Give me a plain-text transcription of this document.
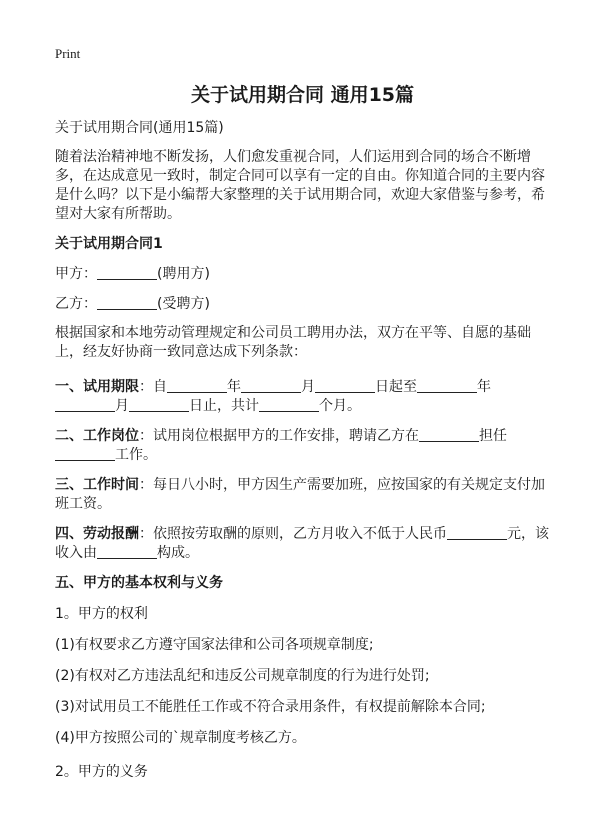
Print
关于试用期合同 通用15篇
关于试用期合同(通用15篇)
随着法治精神地不断发扬，人们愈发重视合同，人们运用到合同的场合不断增多，在达成意见一致时，制定合同可以享有一定的自由。你知道合同的主要内容是什么吗？以下是小编帮大家整理的关于试用期合同，欢迎大家借鉴与参考，希望对大家有所帮助。
关于试用期合同1
甲方：	(聘用方)
乙方：	(受聘方)
根据国家和本地劳动管理规定和公司员工聘用办法，双方在平等、自愿的基础上，经友好协商一致同意达成下列条款：
一、试用期限：自	年	月	日起至	年
月	日止，共计	个月。
二、工作岗位：试用岗位根据甲方的工作安排，聘请乙方在	担任
工作。
三、工作时间：每日八小时，甲方因生产需要加班，应按国家的有关规定支付加班工资。
四、劳动报酬：依照按劳取酬的原则，乙方月收入不低于人民币	元，该收入由	构成。
五、甲方的基本权利与义务
1。甲方的权利
(1)有权要求乙方遵守国家法律和公司各项规章制度;
(2)有权对乙方违法乱纪和违反公司规章制度的行为进行处罚;
(3)对试用员工不能胜任工作或不符合录用条件，有权提前解除本合同;
(4)甲方按照公司的`规章制度考核乙方。
2。甲方的义务
